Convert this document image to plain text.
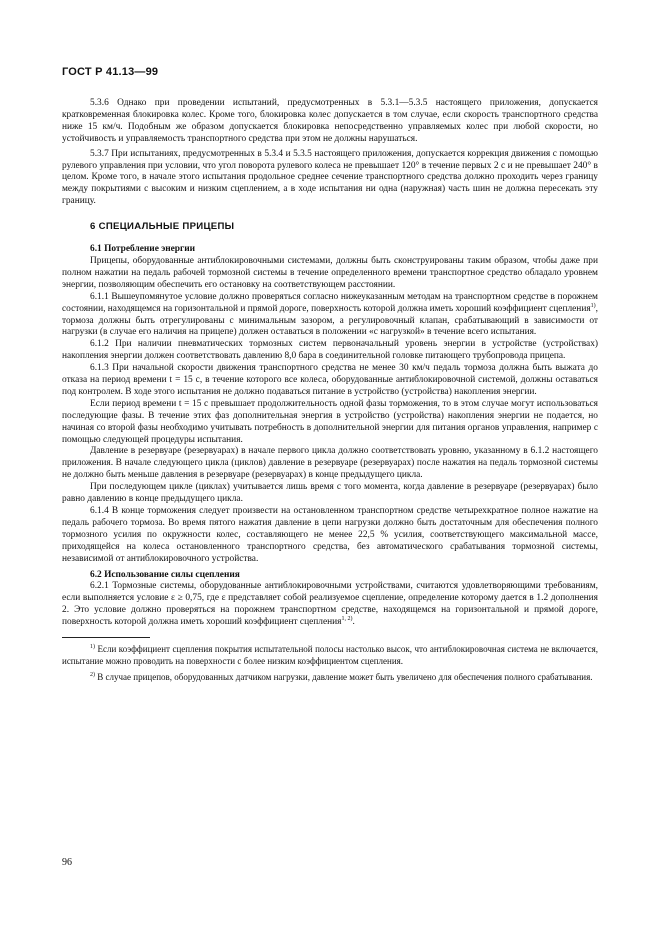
ГОСТ Р 41.13—99

5.3.6 Однако при проведении испытаний, предусмотренных в 5.3.1—5.3.5 настоящего приложения, допускается кратковременная блокировка колес. Кроме того, блокировка колес допускается в том случае, если скорость транспортного средства ниже 15 км/ч. Подобным же образом допускается блокировка непосредственно управляемых колес при любой скорости, но устойчивость и управляемость транспортного средства при этом не должны нарушаться.

5.3.7 При испытаниях, предусмотренных в 5.3.4 и 5.3.5 настоящего приложения, допускается коррекция движения с помощью рулевого управления при условии, что угол поворота рулевого колеса не превышает 120° в течение первых 2 с и не превышает 240° в целом. Кроме того, в начале этого испытания продольное среднее сечение транспортного средства должно проходить через границу между покрытиями с высоким и низким сцеплением, а в ходе испытания ни одна (наружная) часть шин не должна пересекать эту границу.

6 СПЕЦИАЛЬНЫЕ ПРИЦЕПЫ
6.1 Потребление энергии

Прицепы, оборудованные антиблокировочными системами, должны быть сконструированы таким образом, чтобы даже при полном нажатии на педаль рабочей тормозной системы в течение определенного времени транспортное средство обладало уровнем энергии, позволяющим обеспечить его остановку на соответствующем расстоянии.

6.1.1 Вышеупомянутое условие должно проверяться согласно нижеуказанным методам на транспортном средстве в порожнем состоянии, находящемся на горизонтальной и прямой дороге, поверхность которой должна иметь хороший коэффициент сцепления$^{1)}$, тормоза должны быть отрегулированы с минимальным зазором, а регулировочный клапан, срабатывающий в зависимости от нагрузки (в случае его наличия на прицепе) должен оставаться в положении «с нагрузкой» в течение всего испытания.

6.1.2 При наличии пневматических тормозных систем первоначальный уровень энергии в устройстве (устройствах) накопления энергии должен соответствовать давлению 8,0 бара в соединительной головке питающего трубопровода прицепа.

6.1.3 При начальной скорости движения транспортного средства не менее 30 км/ч педаль тормоза должна быть выжата до отказа на период времени t = 15 с, в течение которого все колеса, оборудованные антиблокировочной системой, должны оставаться под контролем. В ходе этого испытания не должно подаваться питание в устройство (устройства) накопления энергии.

Если период времени t = 15 с превышает продолжительность одной фазы торможения, то в этом случае могут использоваться последующие фазы. В течение этих фаз дополнительная энергия в устройство (устройства) накопления энергии не подается, но начиная со второй фазы необходимо учитывать потребность в дополнительной энергии для питания органов управления, например с помощью следующей процедуры испытания.

Давление в резервуаре (резервуарах) в начале первого цикла должно соответствовать уровню, указанному в 6.1.2 настоящего приложения. В начале следующего цикла (циклов) давление в резервуаре (резервуарах) после нажатия на педаль тормозной системы не должно быть меньше давления в резервуаре (резервуарах) в конце предыдущего цикла.

При последующем цикле (циклах) учитывается лишь время с того момента, когда давление в резервуаре (резервуарах) было равно давлению в конце предыдущего цикла.

6.1.4 В конце торможения следует произвести на остановленном транспортном средстве четырехкратное полное нажатие на педаль рабочего тормоза. Во время пятого нажатия давление в цепи нагрузки должно быть достаточным для обеспечения полного тормозного усилия по окружности колес, составляющего не менее 22,5 % усилия, соответствующего максимальной массе, приходящейся на колеса остановленного транспортного средства, без автоматического срабатывания тормозной системы, независимой от антиблокировочного устройства.

6.2 Использование силы сцепления

6.2.1 Тормозные системы, оборудованные антиблокировочными устройствами, считаются удовлетворяющими требованиям, если выполняется условие ε ≥ 0,75, где ε представляет собой реализуемое сцепление, определение которому дается в 1.2 дополнения 2. Это условие должно проверяться на порожнем транспортном средстве, находящемся на горизонтальной и прямой дороге, поверхность которой должна иметь хороший коэффициент сцепления$^{1, 2)}$.

$^{1)}$ Если коэффициент сцепления покрытия испытательной полосы настолько высок, что антиблокировочная система не включается, испытание можно проводить на поверхности с более низким коэффициентом сцепления.

$^{2)}$ В случае прицепов, оборудованных датчиком нагрузки, давление может быть увеличено для обеспечения полного срабатывания.

96
